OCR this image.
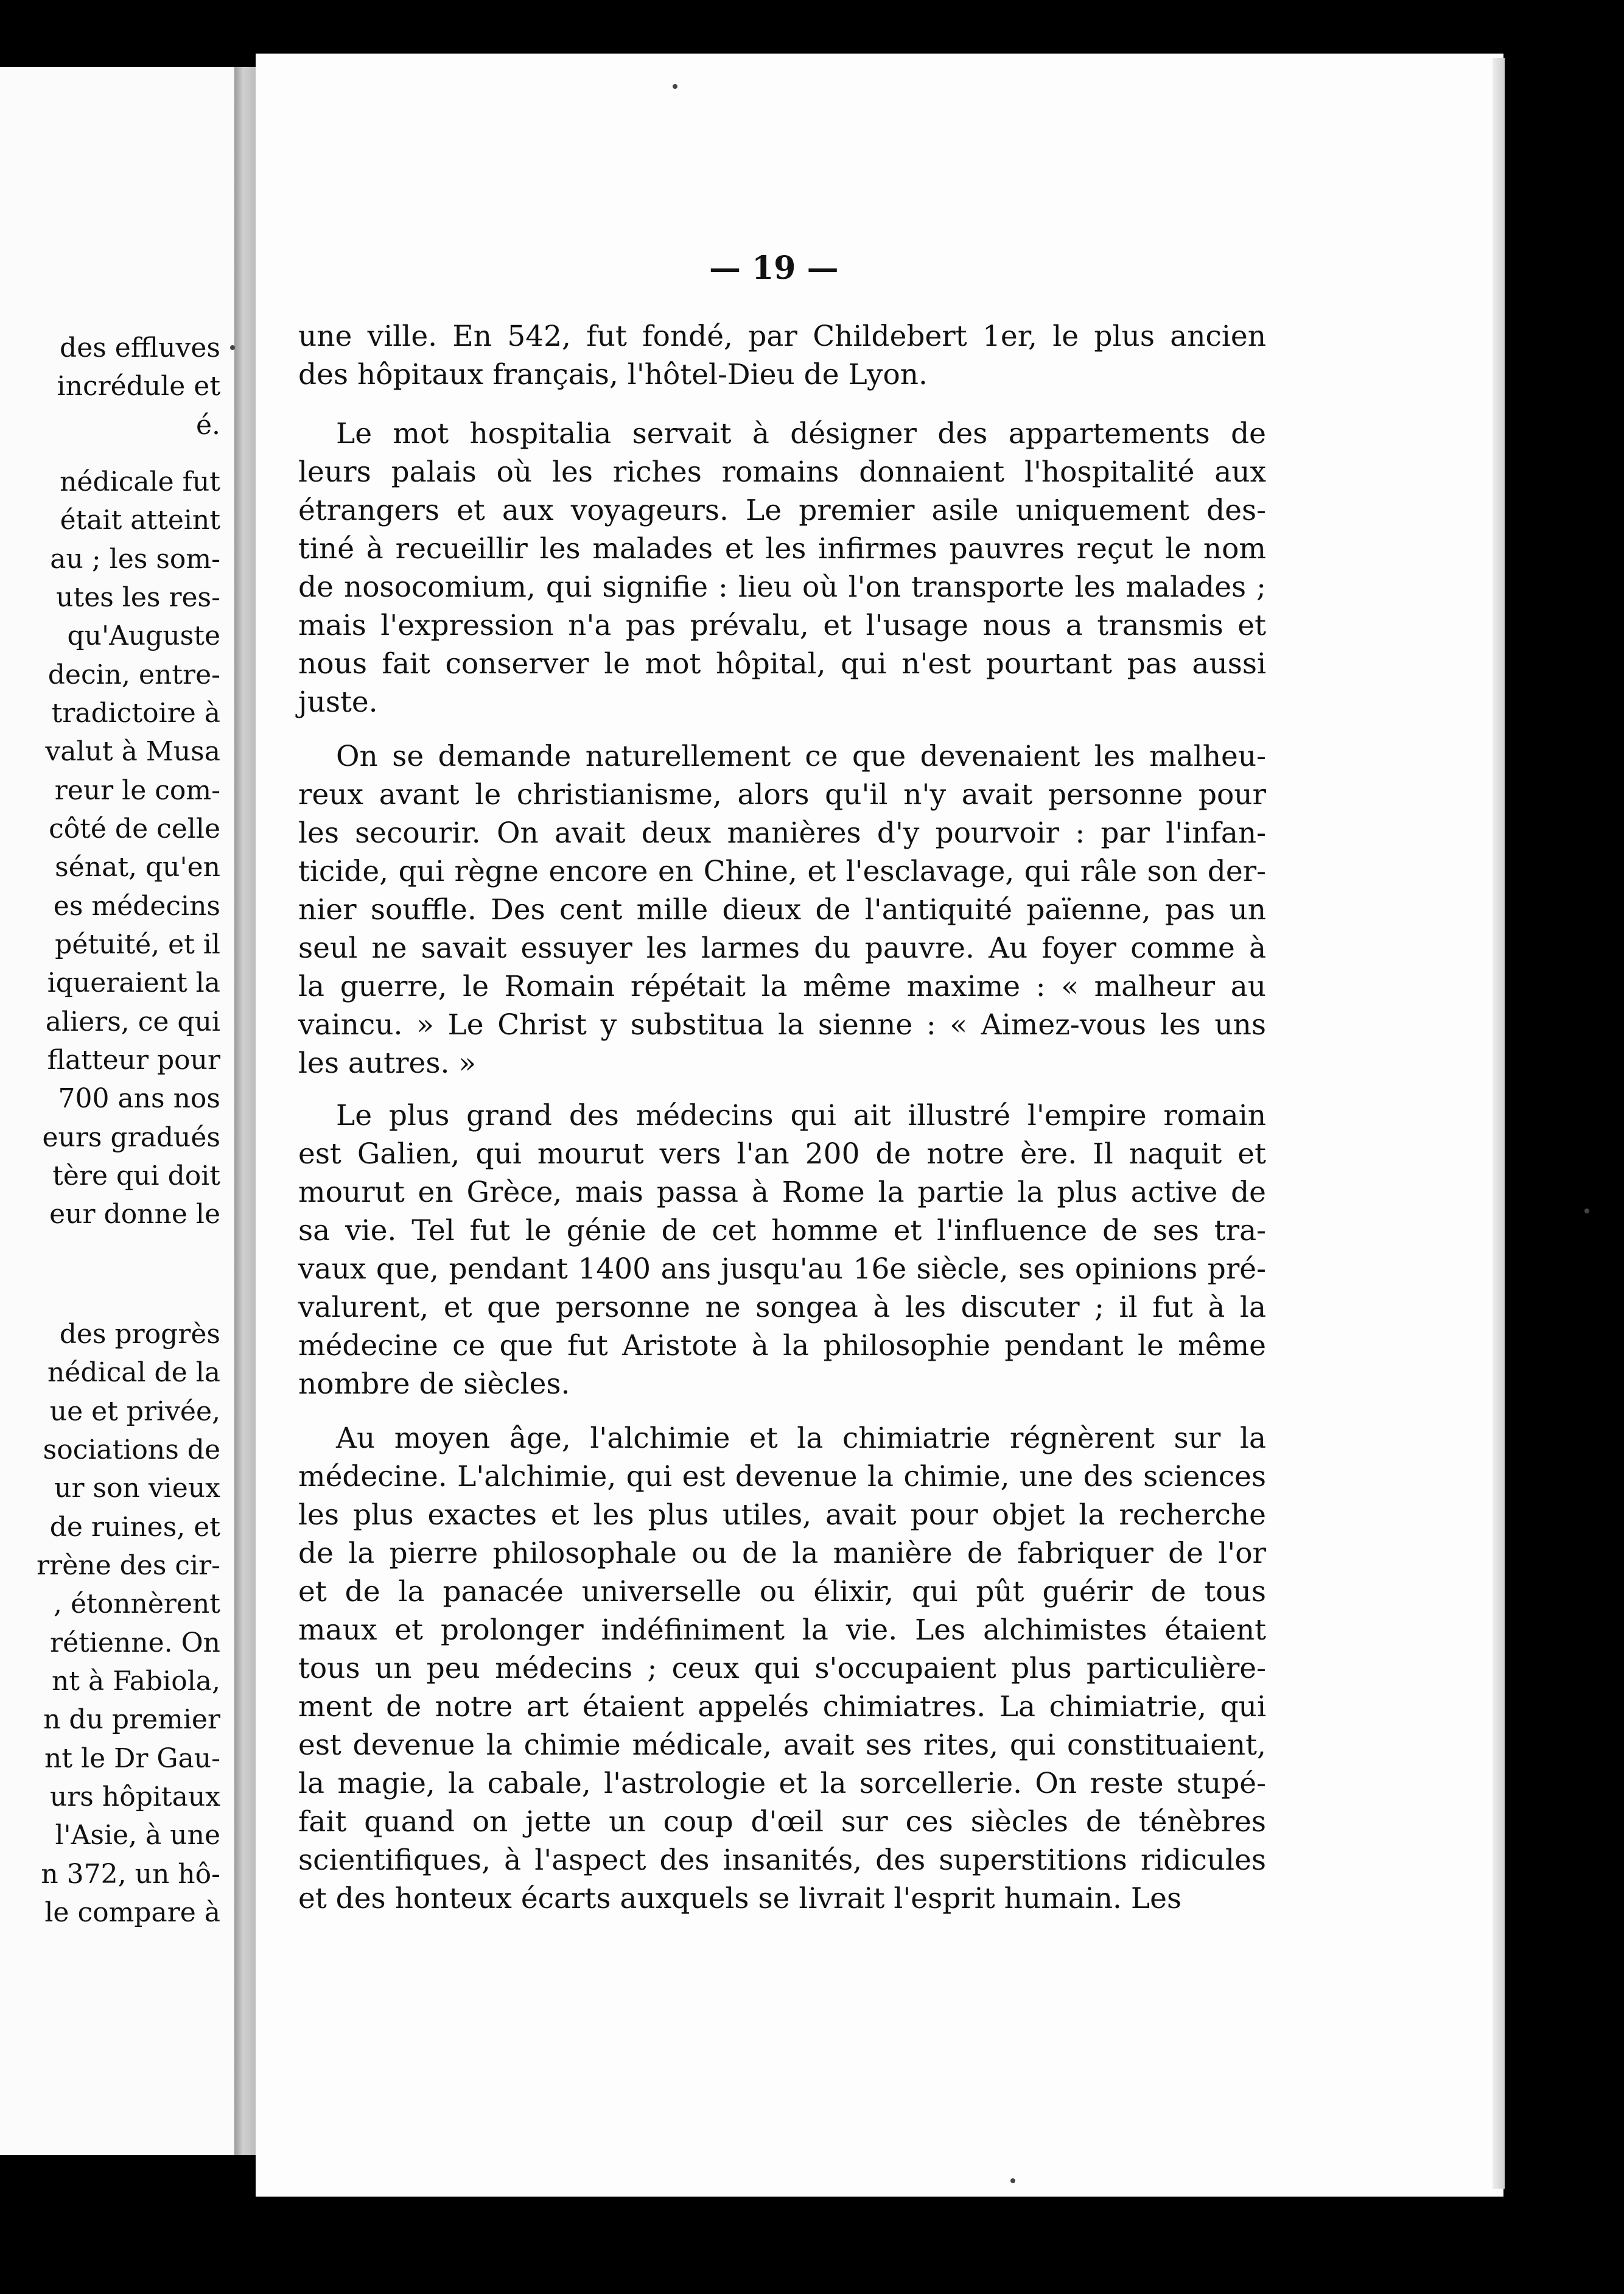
des effluves
incrédule et
é.
nédicale fut
était atteint
au ; les som-
utes les res-
qu'Auguste
decin, entre-
tradictoire à
valut à Musa
reur le com-
côté de celle
sénat, qu'en
es médecins
pétuité, et il
iqueraient la
aliers, ce qui
flatteur pour
700 ans nos
eurs gradués
tère qui doit
eur donne le
des progrès
nédical de la
ue et privée,
sociations de
ur son vieux
de ruines, et
rrène des cir-
, étonnèrent
rétienne. On
nt à Fabiola,
n du premier
nt le Dr Gau-
urs hôpitaux
l'Asie, à une
n 372, un hô-
le compare à
— 19 —
une ville. En 542, fut fondé, par Childebert 1er, le plus ancien
des hôpitaux français, l'hôtel-Dieu de Lyon.
Le mot hospitalia servait à désigner des appartements de
leurs palais où les riches romains donnaient l'hospitalité aux
étrangers et aux voyageurs. Le premier asile uniquement des-
tiné à recueillir les malades et les infirmes pauvres reçut le nom
de nosocomium, qui signifie : lieu où l'on transporte les malades ;
mais l'expression n'a pas prévalu, et l'usage nous a transmis et
nous fait conserver le mot hôpital, qui n'est pourtant pas aussi
juste.
On se demande naturellement ce que devenaient les malheu-
reux avant le christianisme, alors qu'il n'y avait personne pour
les secourir. On avait deux manières d'y pourvoir : par l'infan-
ticide, qui règne encore en Chine, et l'esclavage, qui râle son der-
nier souffle. Des cent mille dieux de l'antiquité païenne, pas un
seul ne savait essuyer les larmes du pauvre. Au foyer comme à
la guerre, le Romain répétait la même maxime : « malheur au
vaincu. » Le Christ y substitua la sienne : « Aimez-vous les uns
les autres. »
Le plus grand des médecins qui ait illustré l'empire romain
est Galien, qui mourut vers l'an 200 de notre ère. Il naquit et
mourut en Grèce, mais passa à Rome la partie la plus active de
sa vie. Tel fut le génie de cet homme et l'influence de ses tra-
vaux que, pendant 1400 ans jusqu'au 16e siècle, ses opinions pré-
valurent, et que personne ne songea à les discuter ; il fut à la
médecine ce que fut Aristote à la philosophie pendant le même
nombre de siècles.
Au moyen âge, l'alchimie et la chimiatrie régnèrent sur la
médecine. L'alchimie, qui est devenue la chimie, une des sciences
les plus exactes et les plus utiles, avait pour objet la recherche
de la pierre philosophale ou de la manière de fabriquer de l'or
et de la panacée universelle ou élixir, qui pût guérir de tous
maux et prolonger indéfiniment la vie. Les alchimistes étaient
tous un peu médecins ; ceux qui s'occupaient plus particulière-
ment de notre art étaient appelés chimiatres. La chimiatrie, qui
est devenue la chimie médicale, avait ses rites, qui constituaient,
la magie, la cabale, l'astrologie et la sorcellerie. On reste stupé-
fait quand on jette un coup d'œil sur ces siècles de ténèbres
scientifiques, à l'aspect des insanités, des superstitions ridicules
et des honteux écarts auxquels se livrait l'esprit humain. Les
